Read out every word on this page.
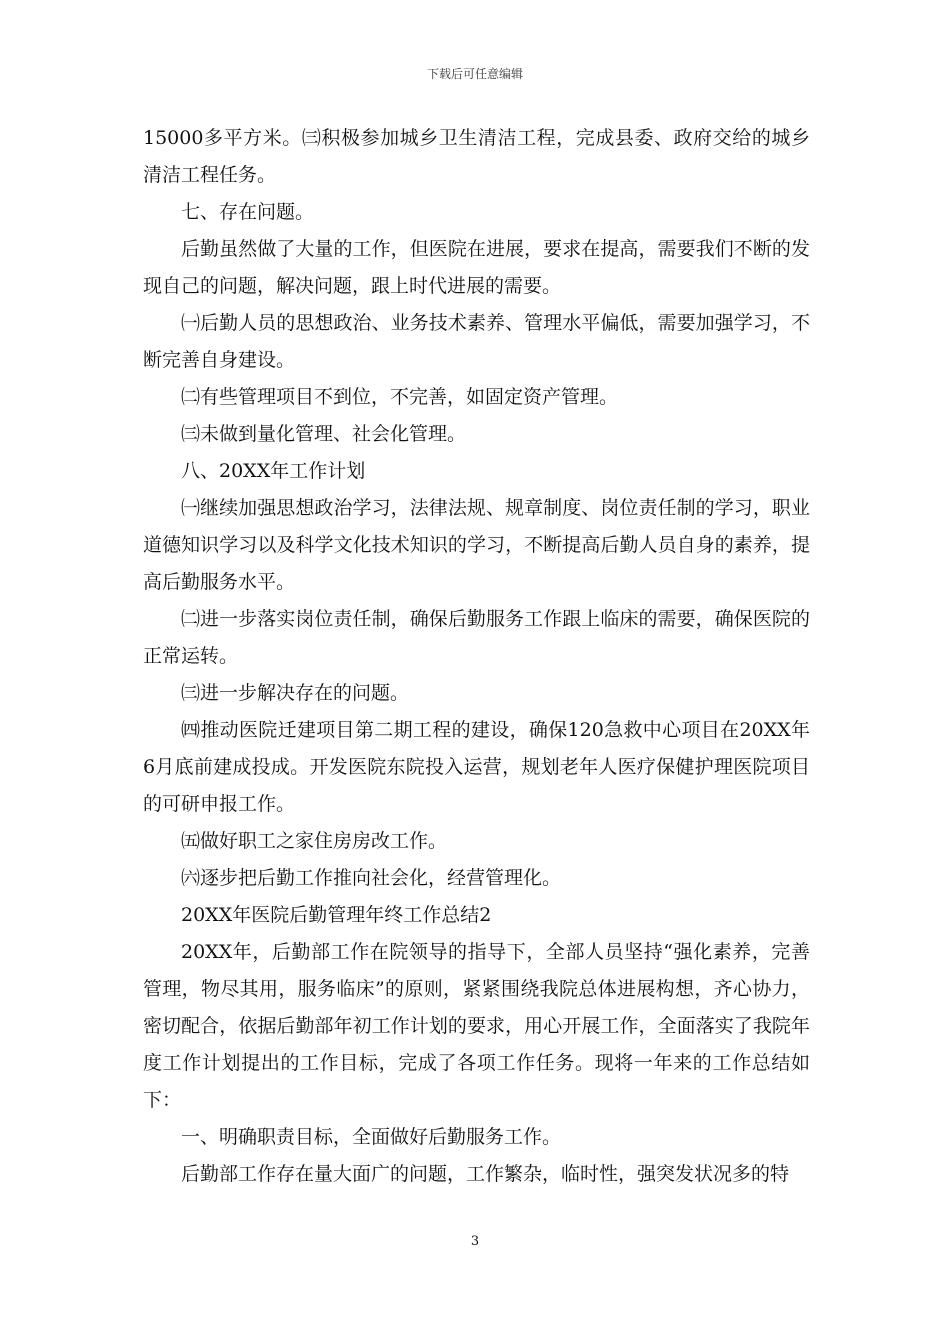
下载后可任意编辑

15000多平方米。㈢积极参加城乡卫生清洁工程，完成县委、政府交给的城乡清洁工程任务。

七、存在问题。

后勤虽然做了大量的工作，但医院在进展，要求在提高，需要我们不断的发现自己的问题，解决问题，跟上时代进展的需要。

㈠后勤人员的思想政治、业务技术素养、管理水平偏低，需要加强学习，不断完善自身建设。

㈡有些管理项目不到位，不完善，如固定资产管理。

㈢未做到量化管理、社会化管理。

八、20XX年工作计划

㈠继续加强思想政治学习，法律法规、规章制度、岗位责任制的学习，职业道德知识学习以及科学文化技术知识的学习，不断提高后勤人员自身的素养，提高后勤服务水平。

㈡进一步落实岗位责任制，确保后勤服务工作跟上临床的需要，确保医院的正常运转。

㈢进一步解决存在的问题。

㈣推动医院迁建项目第二期工程的建设，确保120急救中心项目在20XX年6月底前建成投成。开发医院东院投入运营，规划老年人医疗保健护理医院项目的可研申报工作。

㈤做好职工之家住房房改工作。

㈥逐步把后勤工作推向社会化，经营管理化。

20XX年医院后勤管理年终工作总结2

20XX年，后勤部工作在院领导的指导下，全部人员坚持“强化素养，完善管理，物尽其用，服务临床”的原则，紧紧围绕我院总体进展构想，齐心协力，密切配合，依据后勤部年初工作计划的要求，用心开展工作，全面落实了我院年度工作计划提出的工作目标，完成了各项工作任务。现将一年来的工作总结如下：

一、明确职责目标，全面做好后勤服务工作。

后勤部工作存在量大面广的问题，工作繁杂，临时性，强突发状况多的特

3
